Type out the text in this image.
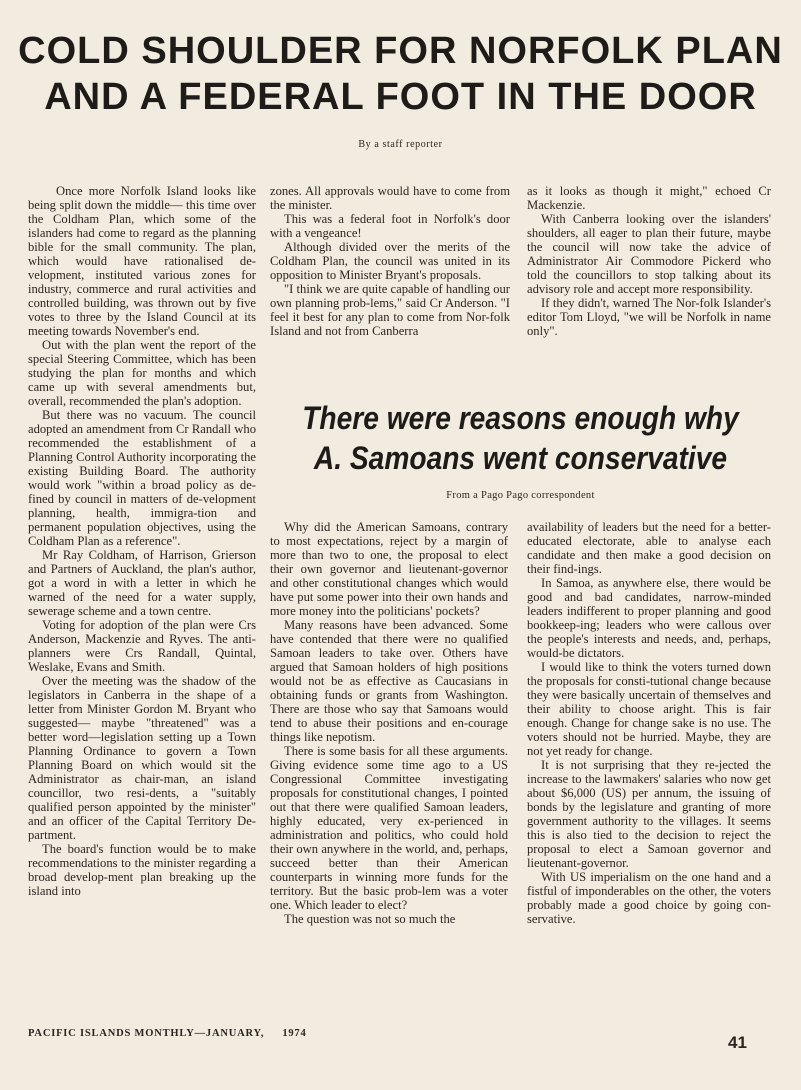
COLD SHOULDER FOR NORFOLK PLAN
AND A FEDERAL FOOT IN THE DOOR
By a staff reporter

Once more Norfolk Island looks like being split down the middle— this time over the Coldham Plan, which some of the islanders had come to regard as the planning bible for the small community. The plan, which would have rationalised de-velopment, instituted various zones for industry, commerce and rural activities and controlled building, was thrown out by five votes to three by the Island Council at its meeting towards November's end.

Out with the plan went the report of the special Steering Committee, which has been studying the plan for months and which came up with several amendments but, overall, recommended the plan's adoption.

But there was no vacuum. The council adopted an amendment from Cr Randall who recommended the establishment of a Planning Control Authority incorporating the existing Building Board. The authority would work "within a broad policy as de-fined by council in matters of de-velopment planning, health, immigra-tion and permanent population objectives, using the Coldham Plan as a reference".

Mr Ray Coldham, of Harrison, Grierson and Partners of Auckland, the plan's author, got a word in with a letter in which he warned of the need for a water supply, sewerage scheme and a town centre.

Voting for adoption of the plan were Crs Anderson, Mackenzie and Ryves. The anti-planners were Crs Randall, Quintal, Weslake, Evans and Smith.

Over the meeting was the shadow of the legislators in Canberra in the shape of a letter from Minister Gordon M. Bryant who suggested— maybe "threatened" was a better word—legislation setting up a Town Planning Ordinance to govern a Town Planning Board on which would sit the Administrator as chair-man, an island councillor, two resi-dents, a "suitably qualified person appointed by the minister" and an officer of the Capital Territory De-partment.

The board's function would be to make recommendations to the minister regarding a broad develop-ment plan breaking up the island into

zones. All approvals would have to come from the minister.

This was a federal foot in Norfolk's door with a vengeance!

Although divided over the merits of the Coldham Plan, the council was united in its opposition to Minister Bryant's proposals.

"I think we are quite capable of handling our own planning prob-lems," said Cr Anderson. "I feel it best for any plan to come from Nor-folk Island and not from Canberra

as it looks as though it might," echoed Cr Mackenzie.

With Canberra looking over the islanders' shoulders, all eager to plan their future, maybe the council will now take the advice of Administrator Air Commodore Pickerd who told the councillors to stop talking about its advisory role and accept more responsibility.

If they didn't, warned The Nor-folk Islander's editor Tom Lloyd, "we will be Norfolk in name only".

There were reasons enough why
A. Samoans went conservative
From a Pago Pago correspondent

Why did the American Samoans, contrary to most expectations, reject by a margin of more than two to one, the proposal to elect their own governor and lieutenant-governor and other constitutional changes which would have put some power into their own hands and more money into the politicians' pockets?

Many reasons have been advanced. Some have contended that there were no qualified Samoan leaders to take over. Others have argued that Samoan holders of high positions would not be as effective as Caucasians in obtaining funds or grants from Washington. There are those who say that Samoans would tend to abuse their positions and en-courage things like nepotism.

There is some basis for all these arguments. Giving evidence some time ago to a US Congressional Committee investigating proposals for constitutional changes, I pointed out that there were qualified Samoan leaders, highly educated, very ex-perienced in administration and politics, who could hold their own anywhere in the world, and, perhaps, succeed better than their American counterparts in winning more funds for the territory. But the basic prob-lem was a voter one. Which leader to elect?

The question was not so much the

availability of leaders but the need for a better-educated electorate, able to analyse each candidate and then make a good decision on their find-ings.

In Samoa, as anywhere else, there would be good and bad candidates, narrow-minded leaders indifferent to proper planning and good bookkeep-ing; leaders who were callous over the people's interests and needs, and, perhaps, would-be dictators.

I would like to think the voters turned down the proposals for consti-tutional change because they were basically uncertain of themselves and their ability to choose aright. This is fair enough. Change for change sake is no use. The voters should not be hurried. Maybe, they are not yet ready for change.

It is not surprising that they re-jected the increase to the lawmakers' salaries who now get about $6,000 (US) per annum, the issuing of bonds by the legislature and granting of more government authority to the villages. It seems this is also tied to the decision to reject the proposal to elect a Samoan governor and lieutenant-governor.

With US imperialism on the one hand and a fistful of imponderables on the other, the voters probably made a good choice by going con-servative.

PACIFIC ISLANDS MONTHLY—JANUARY, 1974	41
